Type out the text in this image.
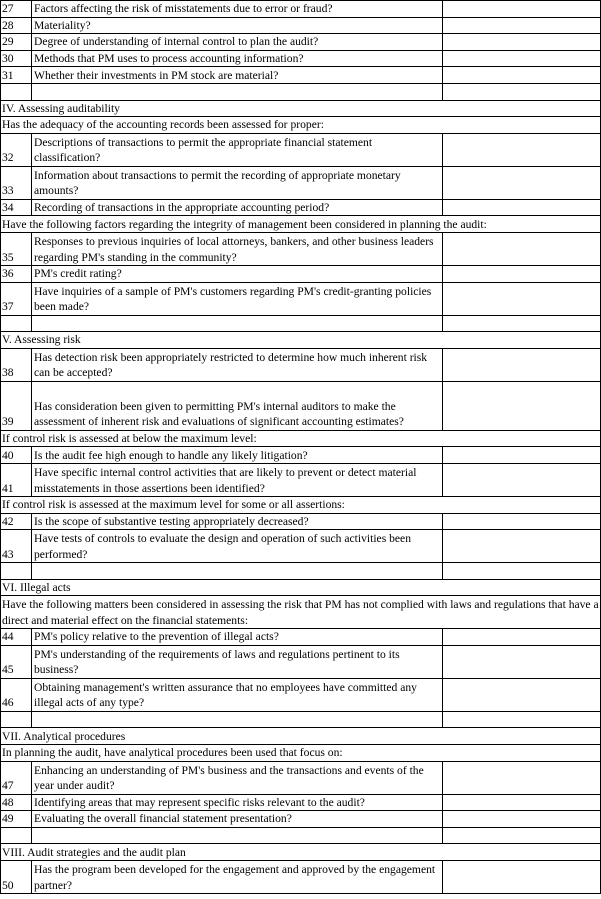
27	Factors affecting the risk of misstatements due to error or fraud?	
28	Materiality?	
29	Degree of understanding of internal control to plan the audit?	
30	Methods that PM uses to process accounting information?	
31	Whether their investments in PM stock are material?	

IV. Assessing auditability		
Has the adequacy of the accounting records been assessed for proper:		
32	Descriptions of transactions to permit the appropriate financial statement classification?	
33	Information about transactions to permit the recording of appropriate monetary amounts?	
34	Recording of transactions in the appropriate accounting period?	
Have the following factors regarding the integrity of management been considered in planning the audit:		
35	Responses to previous inquiries of local attorneys, bankers, and other business leaders regarding PM's standing in the community?	
36	PM's credit rating?	
37	Have inquiries of a sample of PM's customers regarding PM's credit-granting policies been made?	

V. Assessing risk		
38	Has detection risk been appropriately restricted to determine how much inherent risk can be accepted?	
39	Has consideration been given to permitting PM's internal auditors to make the assessment of inherent risk and evaluations of significant accounting estimates?	
If control risk is assessed at below the maximum level:		
40	Is the audit fee high enough to handle any likely litigation?	
41	Have specific internal control activities that are likely to prevent or detect material misstatements in those assertions been identified?	
If control risk is assessed at the maximum level for some or all assertions:		
42	Is the scope of substantive testing appropriately decreased?	
43	Have tests of controls to evaluate the design and operation of such activities been performed?	

VI. Illegal acts		
Have the following matters been considered in assessing the risk that PM has not complied with laws and regulations that have a direct and material effect on the financial statements:		
44	PM's policy relative to the prevention of illegal acts?	
45	PM's understanding of the requirements of laws and regulations pertinent to its business?	
46	Obtaining management's written assurance that no employees have committed any illegal acts of any type?	

VII. Analytical procedures		
In planning the audit, have analytical procedures been used that focus on:		
47	Enhancing an understanding of PM's business and the transactions and events of the year under audit?	
48	Identifying areas that may represent specific risks relevant to the audit?	
49	Evaluating the overall financial statement presentation?	

VIII. Audit strategies and the audit plan		
50	Has the program been developed for the engagement and approved by the engagement partner?	
